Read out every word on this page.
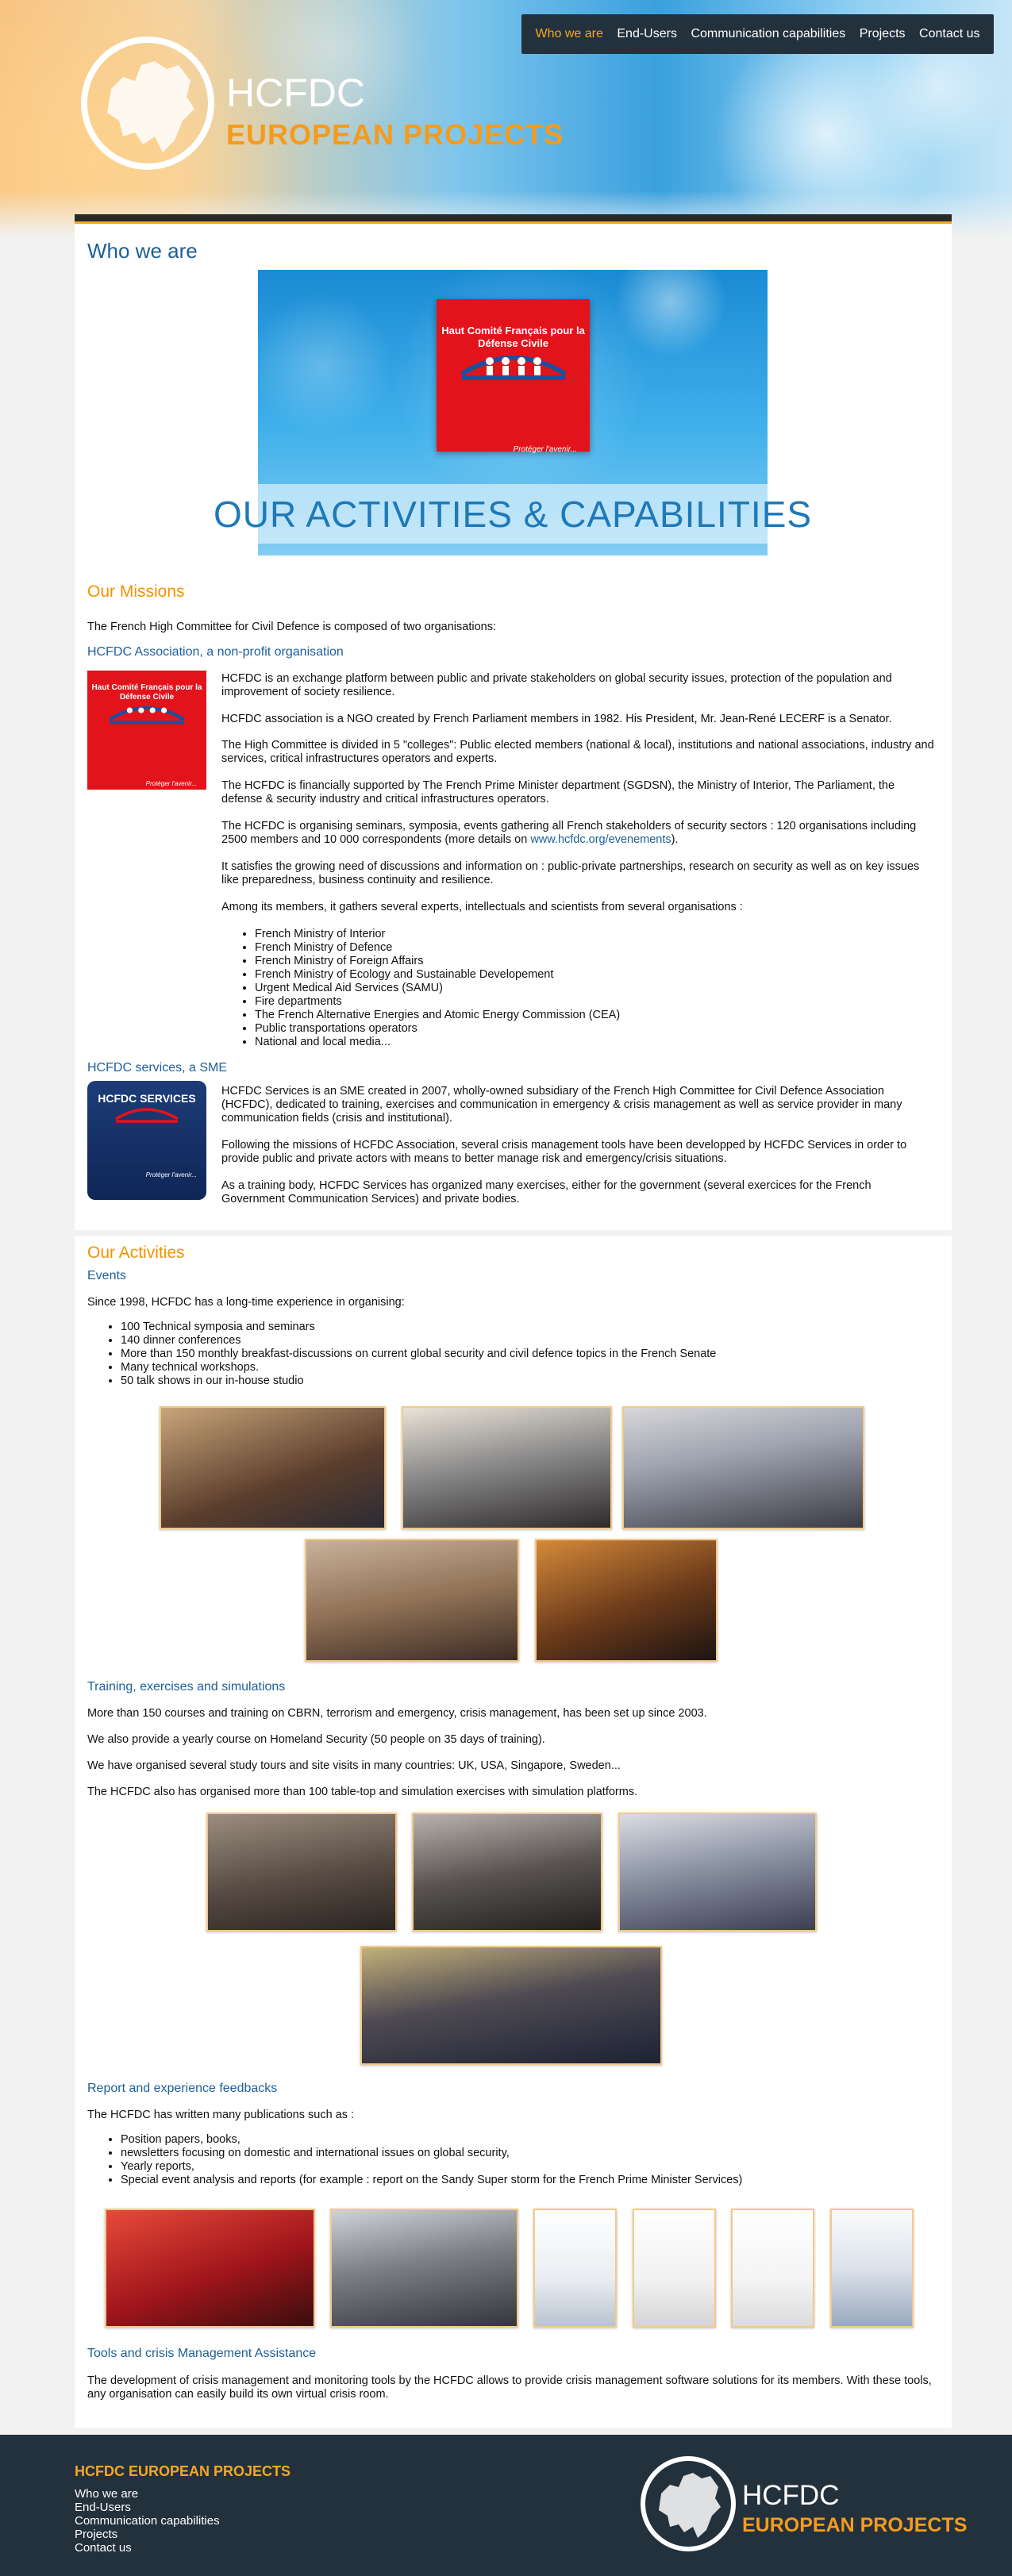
Who we are End-Users Communication capabilities Projects Contact us
HCFDC
EUROPEAN PROJECTS
Who we are
Haut Comité Français pour la Défense Civile
Protéger l'avenir...
OUR ACTIVITIES & CAPABILITIES
Our Missions

The French High Committee for Civil Defence is composed of two organisations:

HCFDC Association, a non-profit organisation
Haut Comité Français pour la Défense Civile
Protéger l'avenir...

HCFDC is an exchange platform between public and private stakeholders on global security issues, protection of the population and improvement of society resilience.

HCFDC association is a NGO created by French Parliament members in 1982. His President, Mr. Jean-René LECERF is a Senator.

The High Committee is divided in 5 "colleges": Public elected members (national & local), institutions and national associations, industry and services, critical infrastructures operators and experts.

The HCFDC is financially supported by The French Prime Minister department (SGDSN), the Ministry of Interior, The Parliament, the defense & security industry and critical infrastructures operators.

The HCFDC is organising seminars, symposia, events gathering all French stakeholders of security sectors : 120 organisations including 2500 members and 10 000 correspondents (more details on www.hcfdc.org/evenements).

It satisfies the growing need of discussions and information on : public-private partnerships, research on security as well as on key issues like preparedness, business continuity and resilience.

Among its members, it gathers several experts, intellectuals and scientists from several organisations :

• French Ministry of Interior
• French Ministry of Defence
• French Ministry of Foreign Affairs
• French Ministry of Ecology and Sustainable Developement
• Urgent Medical Aid Services (SAMU)
• Fire departments
• The French Alternative Energies and Atomic Energy Commission (CEA)
• Public transportations operators
• National and local media...
HCFDC services, a SME
HCFDC SERVICES
Protéger l'avenir...

HCFDC Services is an SME created in 2007, wholly-owned subsidiary of the French High Committee for Civil Defence Association (HCFDC), dedicated to training, exercises and communication in emergency & crisis management as well as service provider in many communication fields (crisis and institutional).

Following the missions of HCFDC Association, several crisis management tools have been developped by HCFDC Services in order to provide public and private actors with means to better manage risk and emergency/crisis situations.

As a training body, HCFDC Services has organized many exercises, either for the government (several exercices for the French Government Communication Services) and private bodies.

Our Activities
Events

Since 1998, HCFDC has a long-time experience in organising:

• 100 Technical symposia and seminars
• 140 dinner conferences
• More than 150 monthly breakfast-discussions on current global security and civil defence topics in the French Senate
• Many technical workshops.
• 50 talk shows in our in-house studio
Training, exercises and simulations

More than 150 courses and training on CBRN, terrorism and emergency, crisis management, has been set up since 2003.

We also provide a yearly course on Homeland Security (50 people on 35 days of training).

We have organised several study tours and site visits in many countries: UK, USA, Singapore, Sweden...

The HCFDC also has organised more than 100 table-top and simulation exercises with simulation platforms.

Report and experience feedbacks

The HCFDC has written many publications such as :

• Position papers, books,
• newsletters focusing on domestic and international issues on global security,
• Yearly reports,
• Special event analysis and reports (for example : report on the Sandy Super storm for the French Prime Minister Services)
Tools and crisis Management Assistance

The development of crisis management and monitoring tools by the HCFDC allows to provide crisis management software solutions for its members. With these tools, any organisation can easily build its own virtual crisis room.

HCFDC EUROPEAN PROJECTS
Who we are
End-Users
Communication capabilities
Projects
Contact us
HCFDC
EUROPEAN PROJECTS
